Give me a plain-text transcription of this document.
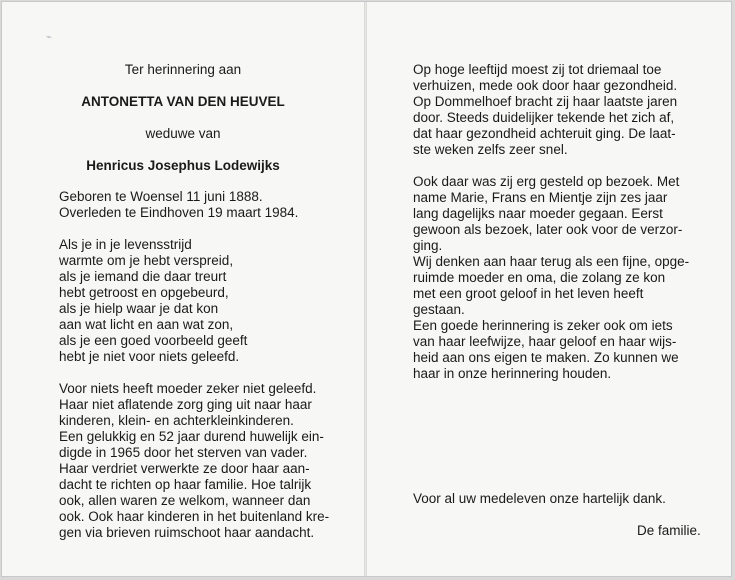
⌁
Ter herinnering aan
ANTONETTA VAN DEN HEUVEL
weduwe van
Henricus Josephus Lodewijks
Geboren te Woensel 11 juni 1888.
Overleden te Eindhoven 19 maart 1984.
Als je in je levensstrijd
warmte om je hebt verspreid,
als je iemand die daar treurt
hebt getroost en opgebeurd,
als je hielp waar je dat kon
aan wat licht en aan wat zon,
als je een goed voorbeeld geeft
hebt je niet voor niets geleefd.
Voor niets heeft moeder zeker niet geleefd.
Haar niet aflatende zorg ging uit naar haar
kinderen, klein- en achterkleinkinderen.
Een gelukkig en 52 jaar durend huwelijk ein-
digde in 1965 door het sterven van vader.
Haar verdriet verwerkte ze door haar aan-
dacht te richten op haar familie. Hoe talrijk
ook, allen waren ze welkom, wanneer dan
ook. Ook haar kinderen in het buitenland kre-
gen via brieven ruimschoot haar aandacht.
Op hoge leeftijd moest zij tot driemaal toe
verhuizen, mede ook door haar gezondheid.
Op Dommelhoef bracht zij haar laatste jaren
door. Steeds duidelijker tekende het zich af,
dat haar gezondheid achteruit ging. De laat-
ste weken zelfs zeer snel.
Ook daar was zij erg gesteld op bezoek. Met
name Marie, Frans en Mientje zijn zes jaar
lang dagelijks naar moeder gegaan. Eerst
gewoon als bezoek, later ook voor de verzor-
ging.
Wij denken aan haar terug als een fijne, opge-
ruimde moeder en oma, die zolang ze kon
met een groot geloof in het leven heeft
gestaan.
Een goede herinnering is zeker ook om iets
van haar leefwijze, haar geloof en haar wijs-
heid aan ons eigen te maken. Zo kunnen we
haar in onze herinnering houden.
Voor al uw medeleven onze hartelijk dank.
De familie.
